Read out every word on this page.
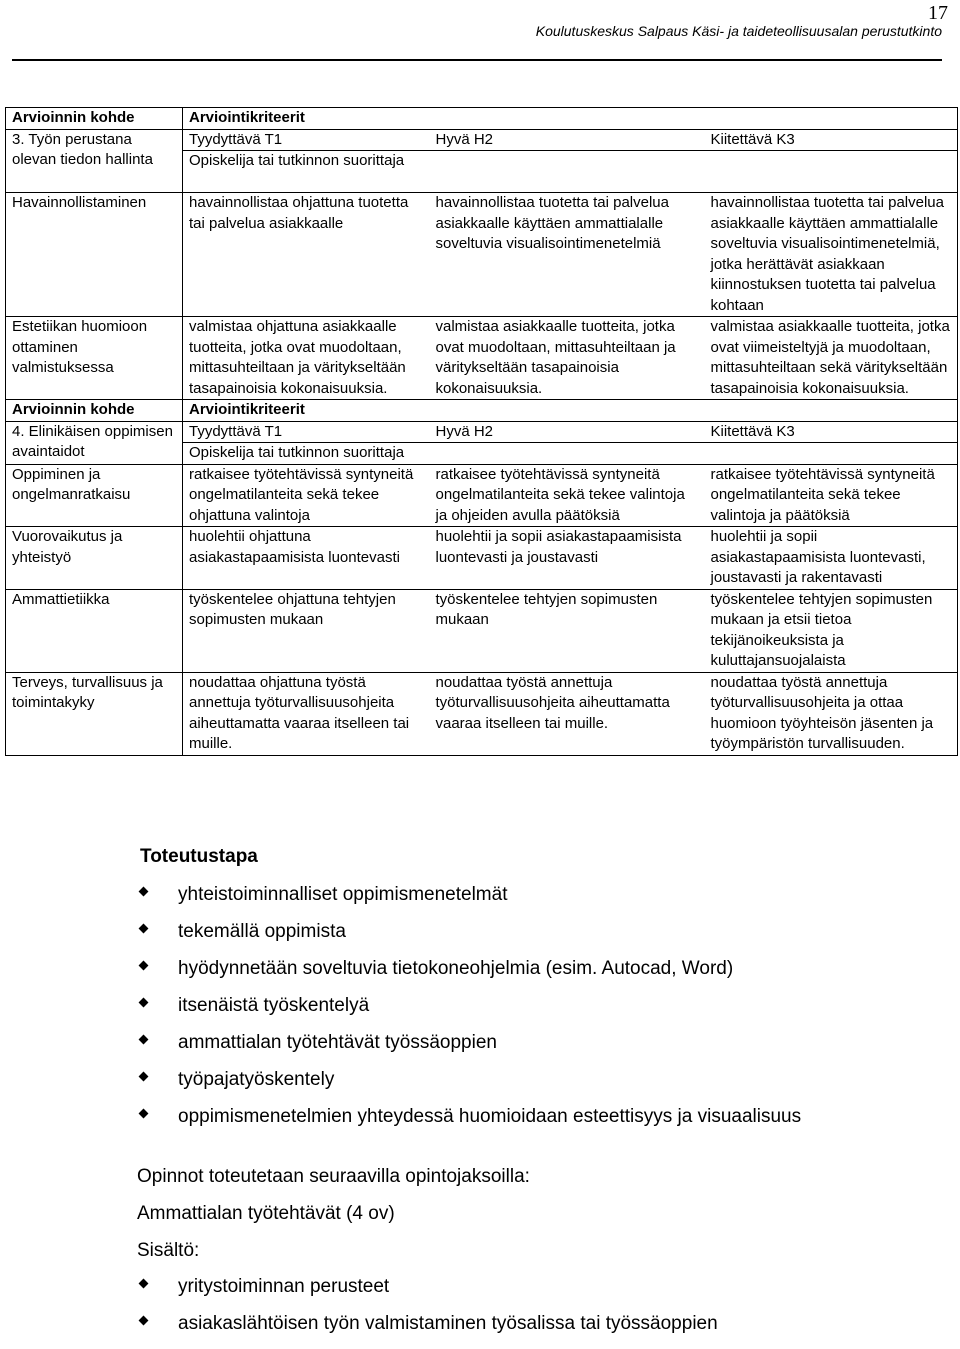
17
Koulutuskeskus Salpaus Käsi- ja taideteollisuusalan perustutkinto
Arvioinnin kohde	Arviointikriteerit		
3. Työn perustana olevan tiedon hallinta	Tyydyttävä T1	Hyvä H2	Kiitettävä K3
	Opiskelija tai tutkinnon suorittaja		
Havainnollistaminen	havainnollistaa ohjattuna tuotetta tai palvelua asiakkaalle	havainnollistaa tuotetta tai palvelua asiakkaalle käyttäen ammattialalle soveltuvia visualisointimenetelmiä	havainnollistaa tuotetta tai palvelua asiakkaalle käyttäen ammattialalle soveltuvia visualisointimenetelmiä, jotka herättävät asiakkaan kiinnostuksen tuotetta tai palvelua kohtaan
Estetiikan huomioon ottaminen valmistuksessa	valmistaa ohjattuna asiakkaalle tuotteita, jotka ovat muodoltaan, mittasuhteiltaan ja väritykseltään tasapainoisia kokonaisuuksia.	valmistaa asiakkaalle tuotteita, jotka ovat muodoltaan, mittasuhteiltaan ja väritykseltään tasapainoisia kokonaisuuksia.	valmistaa asiakkaalle tuotteita, jotka ovat viimeisteltyjä ja muodoltaan, mittasuhteiltaan sekä väritykseltään tasapainoisia kokonaisuuksia.
Arvioinnin kohde	Arviointikriteerit		
4. Elinikäisen oppimisen avaintaidot	Tyydyttävä T1	Hyvä H2	Kiitettävä K3
	Opiskelija tai tutkinnon suorittaja		
Oppiminen ja ongelmanratkaisu	ratkaisee työtehtävissä syntyneitä ongelmatilanteita sekä tekee ohjattuna valintoja	ratkaisee työtehtävissä syntyneitä ongelmatilanteita sekä tekee valintoja ja ohjeiden avulla päätöksiä	ratkaisee työtehtävissä syntyneitä ongelmatilanteita sekä tekee valintoja ja päätöksiä
Vuorovaikutus ja yhteistyö	huolehtii ohjattuna asiakastapaamisista luontevasti	huolehtii ja sopii asiakastapaamisista luontevasti ja joustavasti	huolehtii ja sopii asiakastapaamisista luontevasti, joustavasti ja rakentavasti
Ammattietiikka	työskentelee ohjattuna tehtyjen sopimusten mukaan	työskentelee tehtyjen sopimusten mukaan	työskentelee tehtyjen sopimusten mukaan ja etsii tietoa tekijänoikeuksista ja kuluttajansuojalaista
Terveys, turvallisuus ja toimintakyky	noudattaa ohjattuna työstä annettuja työturvallisuusohjeita aiheuttamatta vaaraa itselleen tai muille.	noudattaa työstä annettuja työturvallisuusohjeita aiheuttamatta vaaraa itselleen tai muille.	noudattaa työstä annettuja työturvallisuusohjeita ja ottaa huomioon työyhteisön jäsenten ja työympäristön turvallisuuden.
Toteutustapa
yhteistoiminnalliset oppimismenetelmät
tekemällä oppimista
hyödynnetään soveltuvia tietokoneohjelmia (esim. Autocad, Word)
itsenäistä työskentelyä
ammattialan työtehtävät työssäoppien
työpajatyöskentely
oppimismenetelmien yhteydessä huomioidaan esteettisyys ja visuaalisuus
Opinnot toteutetaan seuraavilla opintojaksoilla:
Ammattialan työtehtävät (4 ov)
Sisältö:
yritystoiminnan perusteet
asiakaslähtöisen työn valmistaminen työsalissa tai työssäoppien
